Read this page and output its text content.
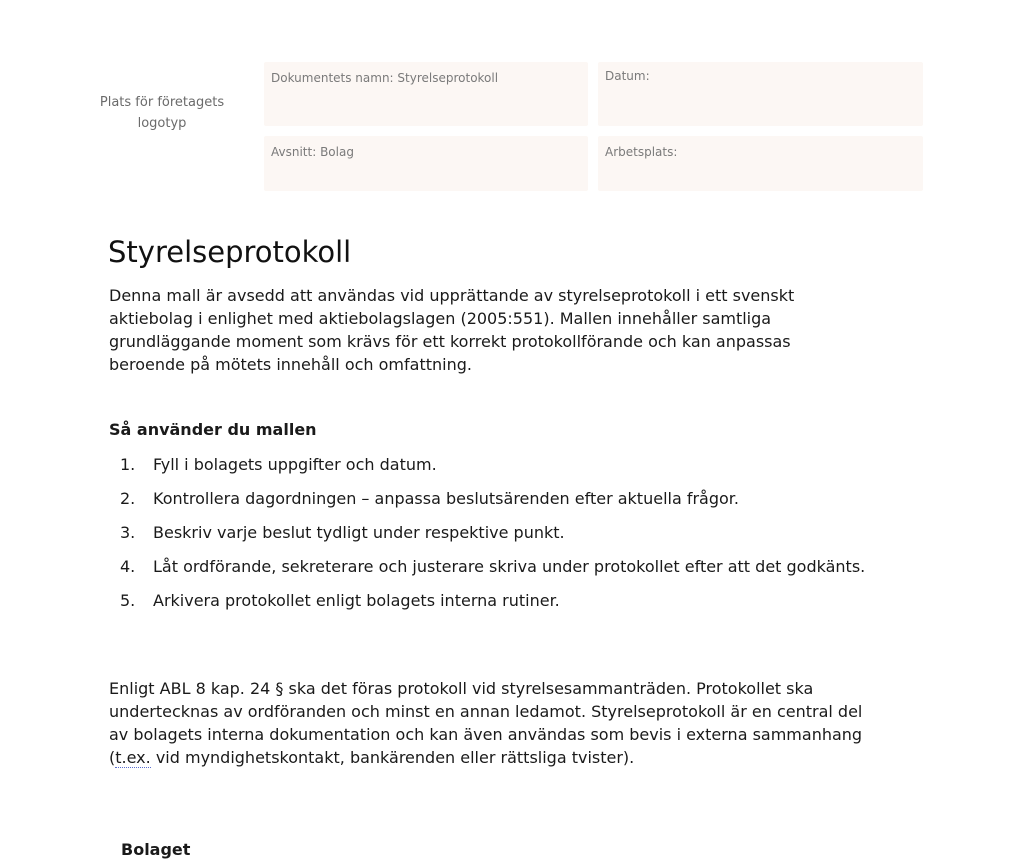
Plats för företagets
logotyp
Dokumentets namn: Styrelseprotokoll	Datum:
Avsnitt: Bolag	Arbetsplats:
Styrelseprotokoll

Denna mall är avsedd att användas vid upprättande av styrelseprotokoll i ett svenskt aktiebolag i enlighet med aktiebolagslagen (2005:551). Mallen innehåller samtliga grundläggande moment som krävs för ett korrekt protokollförande och kan anpassas beroende på mötets innehåll och omfattning.

Så använder du mallen
1. Fyll i bolagets uppgifter och datum.
2. Kontrollera dagordningen – anpassa beslutsärenden efter aktuella frågor.
3. Beskriv varje beslut tydligt under respektive punkt.
4. Låt ordförande, sekreterare och justerare skriva under protokollet efter att det godkänts.
5. Arkivera protokollet enligt bolagets interna rutiner.

Enligt ABL 8 kap. 24 § ska det föras protokoll vid styrelsesammanträden. Protokollet ska undertecknas av ordföranden och minst en annan ledamot. Styrelseprotokoll är en central del av bolagets interna dokumentation och kan även användas som bevis i externa sammanhang (t.ex. vid myndighetskontakt, bankärenden eller rättsliga tvister).

Bolaget
